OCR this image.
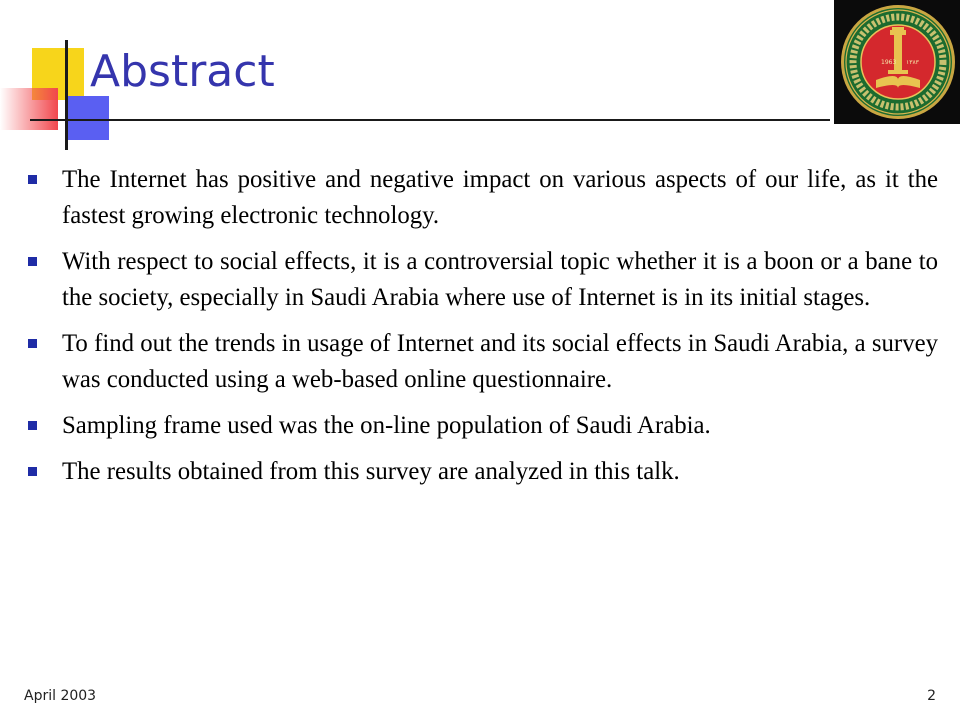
Abstract	1963 ١٣٨٣
The Internet has positive and negative impact on various aspects of our life, as it the fastest growing electronic technology.
With respect to social effects, it is a controversial topic whether it is a boon or a bane to the society, especially in Saudi Arabia where use of Internet is in its initial stages.
To find out the trends in usage of Internet and its social effects in Saudi Arabia, a survey was conducted using a web-based online questionnaire.
Sampling frame used was the on-line population of Saudi Arabia.
The results obtained from this survey are analyzed in this talk.
April 2003	2
